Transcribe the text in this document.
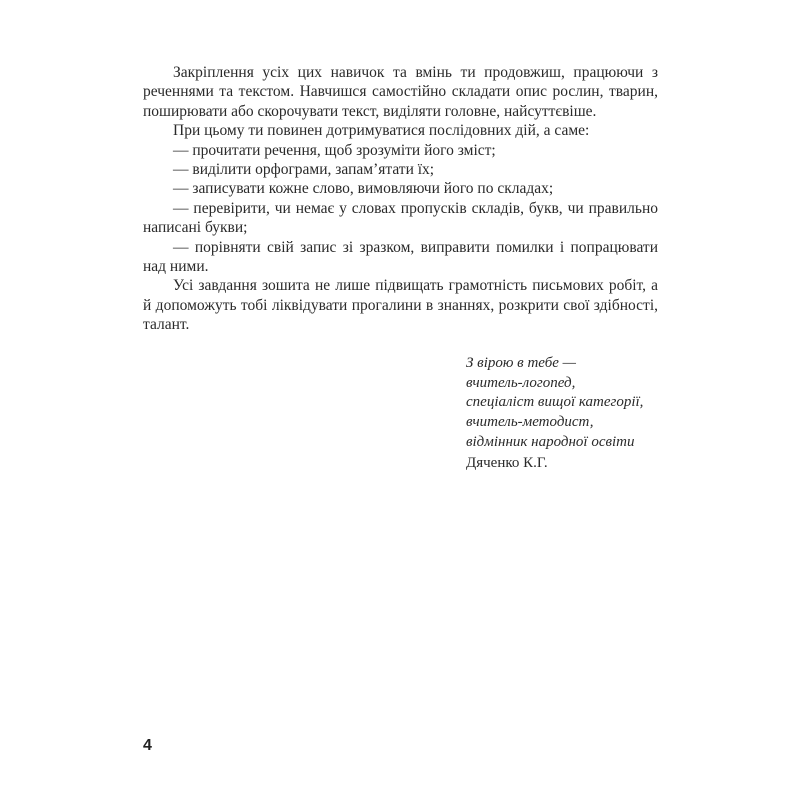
Закріплення усіх цих навичок та вмінь ти продовжиш, працюючи з реченнями та текстом. Навчишся самостійно складати опис рослин, тварин, поширювати або скорочувати текст, виділяти головне, найсуттєвіше.

При цьому ти повинен дотримуватися послідовних дій, а саме:

— прочитати речення, щоб зрозуміти його зміст;
— виділити орфограми, запам’ятати їх;
— записувати кожне слово, вимовляючи його по складах;
— перевірити, чи немає у словах пропусків складів, букв, чи правильно написані букви;
— порівняти свій запис зі зразком, виправити помилки і попрацювати над ними.

Усі завдання зошита не лише підвищать грамотність письмових робіт, а й допоможуть тобі ліквідувати прогалини в знаннях, розкрити свої здібності, талант.

З вірою в тебе —
вчитель-логопед,
спеціаліст вищої категорії,
вчитель-методист,
відмінник народної освіти
Дяченко К.Г.
4
